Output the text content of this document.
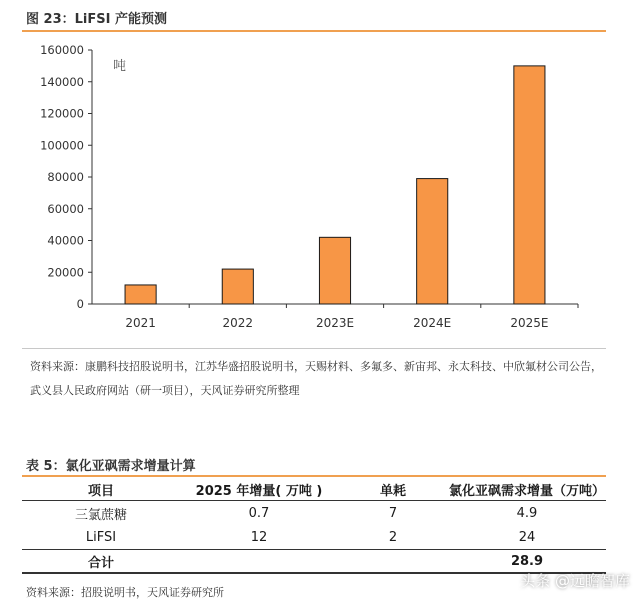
图 23：LiFSI 产能预测
0
20000
40000
60000
80000
100000
120000
140000
160000
吨
2021	2022	2023E	2024E	2025E
资料来源：康鹏科技招股说明书，江苏华盛招股说明书，天赐材料、多氟多、新宙邦、永太科技、中欣氟材公司公告，
武义县人民政府网站（研一项目），天风证券研究所整理
表 5：氯化亚砜需求增量计算
项目	2025 年增量( 万吨 )	单耗	氯化亚砜需求增量（万吨）
三氯蔗糖	0.7	7	4.9
LiFSI	12	2	24
合计			28.9
资料来源：招股说明书，天风证券研究所
头条 @远瞻智库
